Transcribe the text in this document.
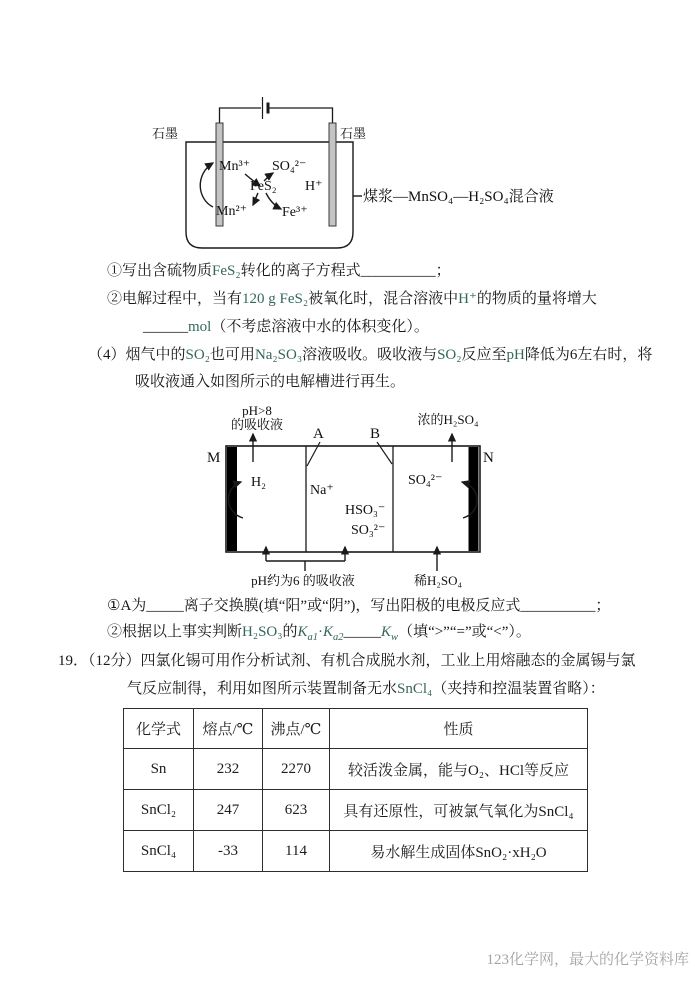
石墨	石墨
Mn³⁺ SO₄²⁻
FeS₂ H⁺
Mn²⁺ Fe³⁺
煤浆—MnSO₄—H₂SO₄混合液
①写出含硫物质FeS₂转化的离子方程式__________；
②电解过程中，当有120 g FeS₂被氧化时，混合溶液中H⁺的物质的量将增大
______mol（不考虑溶液中水的体积变化）。
（4）烟气中的SO₂也可用Na₂SO₃溶液吸收。吸收液与SO₂反应至pH降低为6左右时，将
吸收液通入如图所示的电解槽进行再生。
M	N
A	B
pH>8
的吸收液	浓的H₂SO₄
H₂
Na⁺
HSO₃⁻
SO₃²⁻
SO₄²⁻
pH约为6 的吸收液	稀H₂SO₄
①A为_____离子交换膜(填“阳”或“阴”)，写出阳极的电极反应式__________；
②根据以上事实判断H₂SO₃的$K_{a1}\cdot K_{a2}\_\_\_\_\_K_w$（填“>”“=”或“<”）。
19．（12分）四氯化锡可用作分析试剂、有机合成脱水剂，工业上用熔融态的金属锡与氯
气反应制得，利用如图所示装置制备无水SnCl₄（夹持和控温装置省略）：
化学式	熔点/℃	沸点/℃	性质
Sn	232	2270	较活泼金属，能与O₂、HCl等反应
SnCl₂	247	623	具有还原性，可被氯气氧化为SnCl₄
SnCl₄	-33	114	易水解生成固体SnO₂·xH₂O
123化学网，最大的化学资料库
